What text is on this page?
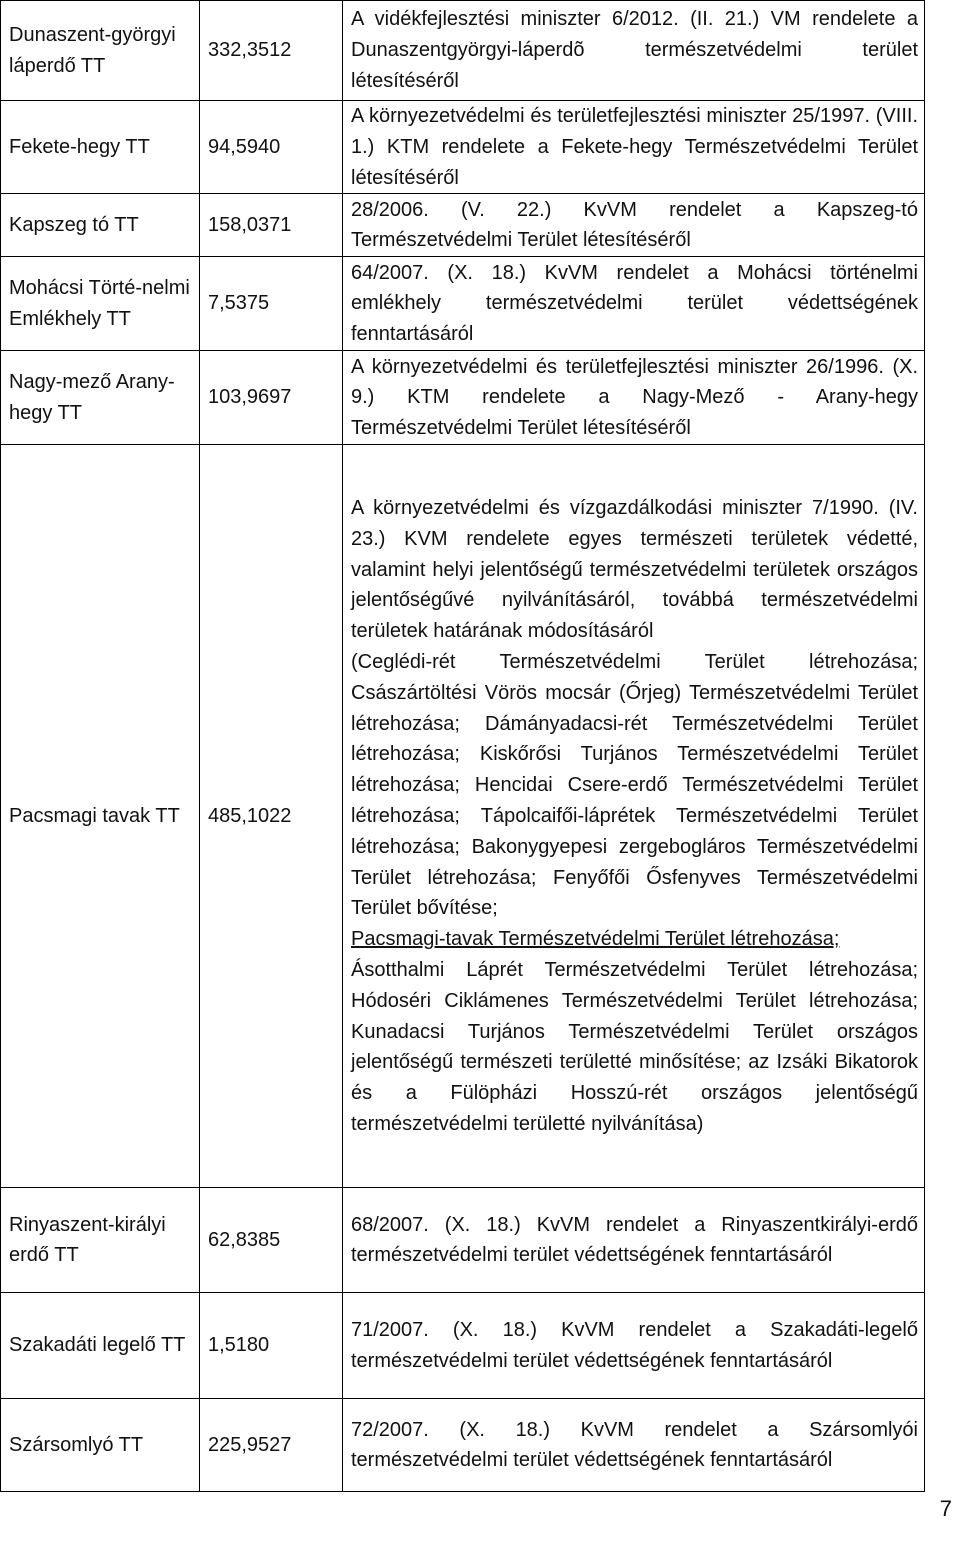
Dunaszent-györgyi láperdő TT	332,3512	A vidékfejlesztési miniszter 6/2012. (II. 21.) VM rendelete a Dunaszentgyörgyi-láperdõ természetvédelmi terület létesítéséről

Fekete-hegy TT	94,5940	A környezetvédelmi és területfejlesztési miniszter 25/1997. (VIII. 1.) KTM rendelete a Fekete-hegy Természetvédelmi Terület létesítéséről

Kapszeg tó TT	158,0371	28/2006. (V. 22.) KvVM rendelet a Kapszeg-tó Természetvédelmi Terület létesítéséről

Mohácsi Törté-nelmi Emlékhely TT	7,5375	64/2007. (X. 18.) KvVM rendelet a Mohácsi történelmi emlékhely természetvédelmi terület védettségének fenntartásáról

Nagy-mező Arany-hegy TT	103,9697	A környezetvédelmi és területfejlesztési miniszter 26/1996. (X. 9.) KTM rendelete a Nagy-Mező - Arany-hegy Természetvédelmi Terület létesítéséről

Pacsmagi tavak TT	485,1022	A környezetvédelmi és vízgazdálkodási miniszter 7/1990. (IV. 23.) KVM rendelete egyes természeti területek védetté, valamint helyi jelentőségű természetvédelmi területek országos jelentőségűvé nyilvánításáról, továbbá természetvédelmi területek határának módosításáról
(Ceglédi-rét Természetvédelmi Terület létrehozása; Császártöltési Vörös mocsár (Őrjeg) Természetvédelmi Terület létrehozása; Dámányadacsi-rét Természetvédelmi Terület létrehozása; Kiskőrősi Turjános Természetvédelmi Terület létrehozása; Hencidai Csere-erdő Természetvédelmi Terület létrehozása; Tápolcaifői-láprétek Természetvédelmi Terület létrehozása; Bakonygyepesi zergebogláros Természetvédelmi Terület létrehozása; Fenyőfői Ősfenyves Természetvédelmi Terület bővítése;
Pacsmagi-tavak Természetvédelmi Terület létrehozása;
Ásotthalmi Láprét Természetvédelmi Terület létrehozása; Hódoséri Ciklámenes Természetvédelmi Terület létrehozása; Kunadacsi Turjános Természetvédelmi Terület országos jelentőségű természeti területté minősítése; az Izsáki Bikatorok és a Fülöpházi Hosszú-rét országos jelentőségű természetvédelmi területté nyilvánítása)

Rinyaszent-királyi erdő TT	62,8385	68/2007. (X. 18.) KvVM rendelet a Rinyaszentkirályi-erdő természetvédelmi terület védettségének fenntartásáról

Szakadáti legelő TT	1,5180	71/2007. (X. 18.) KvVM rendelet a Szakadáti-legelő természetvédelmi terület védettségének fenntartásáról

Szársomlyó TT	225,9527	72/2007. (X. 18.) KvVM rendelet a Szársomlyói természetvédelmi terület védettségének fenntartásáról
7
